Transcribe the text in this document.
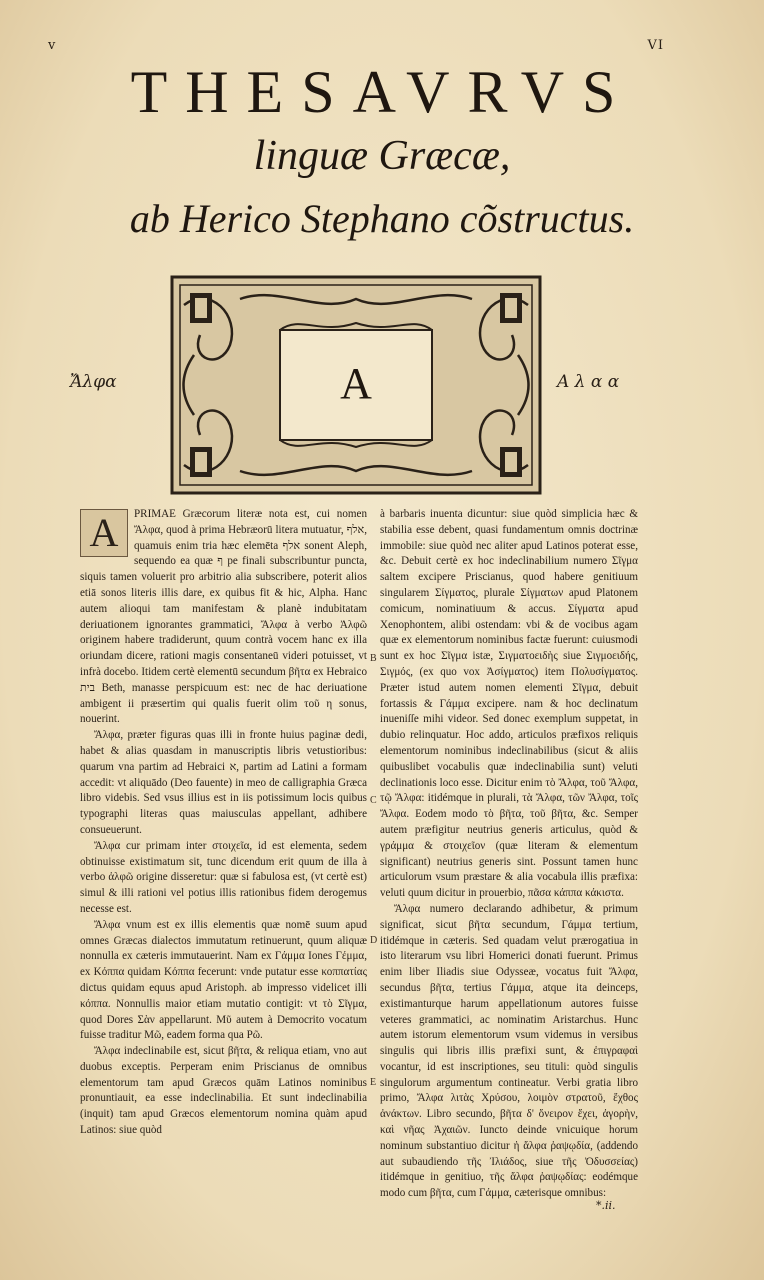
v	VI
THESAVRVS
linguæ Græcæ,
ab Herico Stephano cõstructus.
Ἄλφα	Α λ α α
A

A	PRIMAE Græcorum literæ nota est, cui nomen Ἄλφα, quod à prima Hebræorū litera mutuatur, אלף, quamuis enim tria hæc elemēta אלף sonent Aleph, sequendo ea quæ ף pe finali subscribuntur puncta, siquis tamen voluerit pro arbitrio alia subscribere, poterit alios etiā sonos literis illis dare, ex quibus fit & hic, Alpha. Hanc autem alioqui tam manifestam & planè indubitatam deriuationem ignorantes grammatici, Ἄλφα à verbo Ἀλφῶ originem habere tradiderunt, quum contrà vocem hanc ex illa oriundam dicere, rationi magis consentaneū videri potuisset, vt infrà docebo. Itidem certè elementū secundum βῆτα ex Hebraico בית Beth, manasse perspicuum est: nec de hac deriuatione ambigent ii præsertim qui qualis fuerit olim τοῦ η sonus, nouerint.

Ἄλφα, præter figuras quas illi in fronte huius paginæ dedi, habet & alias quasdam in manuscriptis libris vetustioribus: quarum vna partim ad Hebraici א, partim ad Latini a formam accedit: vt aliquādo (Deo fauente) in meo de calligraphia Græca libro videbis. Sed vsus illius est in iis potissimum locis quibus typographi literas quas maiusculas appellant, adhibere consueuerunt.

Ἄλφα cur primam inter στοιχεῖα, id est elementa, sedem obtinuisse existimatum sit, tunc dicendum erit quum de illa à verbo ἀλφῶ origine disseretur: quæ si fabulosa est, (vt certè est) simul & illi rationi vel potius illis rationibus fidem derogemus necesse est.

Ἄλφα vnum est ex illis elementis quæ nomē suum apud omnes Græcas dialectos immutatum retinuerunt, quum aliquæ nonnulla ex cæteris immutauerint. Nam ex Γάμμα Iones Γέμμα, ex Κόππα quidam Κόππα fecerunt: vnde putatur esse κοππατίας dictus quidam equus apud Aristoph. ab impresso videlicet illi κόππα. Nonnullis maior etiam mutatio contigit: vt τὸ Σῖγμα, quod Dores Σὰν appellarunt. Μῦ autem à Democrito vocatum fuisse traditur Μῶ, eadem forma qua Ρῶ.

Ἄλφα indeclinabile est, sicut βῆτα, & reliqua etiam, vno aut duobus exceptis. Perperam enim Priscianus de omnibus elementorum tam apud Græcos quām Latinos nominibus pronuntiauit, ea esse indeclinabilia. Et sunt indeclinabilia (inquit) tam apud Græcos elementorum nomina quàm apud Latinos: siue quòd

à barbaris inuenta dicuntur: siue quòd simplicia hæc & stabilia esse debent, quasi fundamentum omnis doctrinæ immobile: siue quòd nec aliter apud Latinos poterat esse, &c. Debuit certè ex hoc indeclinabilium numero Σῖγμα saltem excipere Priscianus, quod habere genitiuum singularem Σίγματος, plurale Σίγματων apud Platonem comicum, nominatiuum & accus. Σίγματα apud Xenophontem, alibi ostendam: vbi & de vocibus agam quæ ex elementorum nominibus factæ fuerunt: cuiusmodi sunt ex hoc Σῖγμα istæ, Σιγματοειδὴς siue Σιγμοειδής, Σιγμός, (ex quo vox Ἀσίγματος) item Πολυσίγματος. Præter istud autem nomen elementi Σῖγμα, debuit fortassis & Γάμμα excipere. nam & hoc declinatum inueniſſe mihi videor. Sed donec exemplum suppetat, in dubio relinquatur. Hoc addo, articulos præfixos reliquis elementorum nominibus indeclinabilibus (sicut & aliis quibuslibet vocabulis quæ indeclinabilia sunt) veluti declinationis loco esse. Dicitur enim τὸ Ἄλφα, τοῦ Ἄλφα, τῷ Ἄλφα: itidémque in plurali, τὰ Ἄλφα, τῶν Ἄλφα, τοῖς Ἄλφα. Eodem modo τὸ βῆτα, τοῦ βῆτα, &c. Semper autem præfigitur neutrius generis articulus, quòd & γράμμα & στοιχεῖον (quæ literam & elementum significant) neutrius generis sint. Possunt tamen hunc articulorum vsum præstare & alia vocabula illis præfixa: veluti quum dicitur in prouerbio, πᾶσα κάππα κάκιστα.

Ἄλφα numero declarando adhibetur, & primum significat, sicut βῆτα secundum, Γάμμα tertium, itidémque in cæteris. Sed quadam velut prærogatiua in isto literarum vsu libri Homerici donati fuerunt. Primus enim liber Iliadis siue Odysseæ, vocatus fuit Ἄλφα, secundus βῆτα, tertius Γάμμα, atque ita deinceps, existimanturque harum appellationum autores fuisse veteres grammatici, ac nominatim Aristarchus. Hunc autem istorum elementorum vsum videmus in versibus singulis qui libris illis præfixi sunt, & ἐπιγραφαὶ vocantur, id est inscriptiones, seu tituli: quòd singulis singulorum argumentum contineatur. Verbi gratia libro primo, Ἄλφα λιτὰς Χρύσου, λοιμὸν στρατοῦ, ἔχθος ἀνάκτων. Libro secundo, βῆτα δ' ὄνειρον ἔχει, ἀγορὴν, καὶ νῆας Ἀχαιῶν. Iuncto deinde vnicuique horum nominum substantiuo dicitur ἡ ἄλφα ῥαψῳδία, (addendo aut subaudiendo τῆς Ἰλιάδος, siue τῆς Ὀδυσσείας) itidémque in genitiuo, τῆς ἄλφα ῥαψῳδίας: eodémque modo cum βῆτα, cum Γάμμα, cæterisque omnibus:

B
C
D
E
*.ii.
